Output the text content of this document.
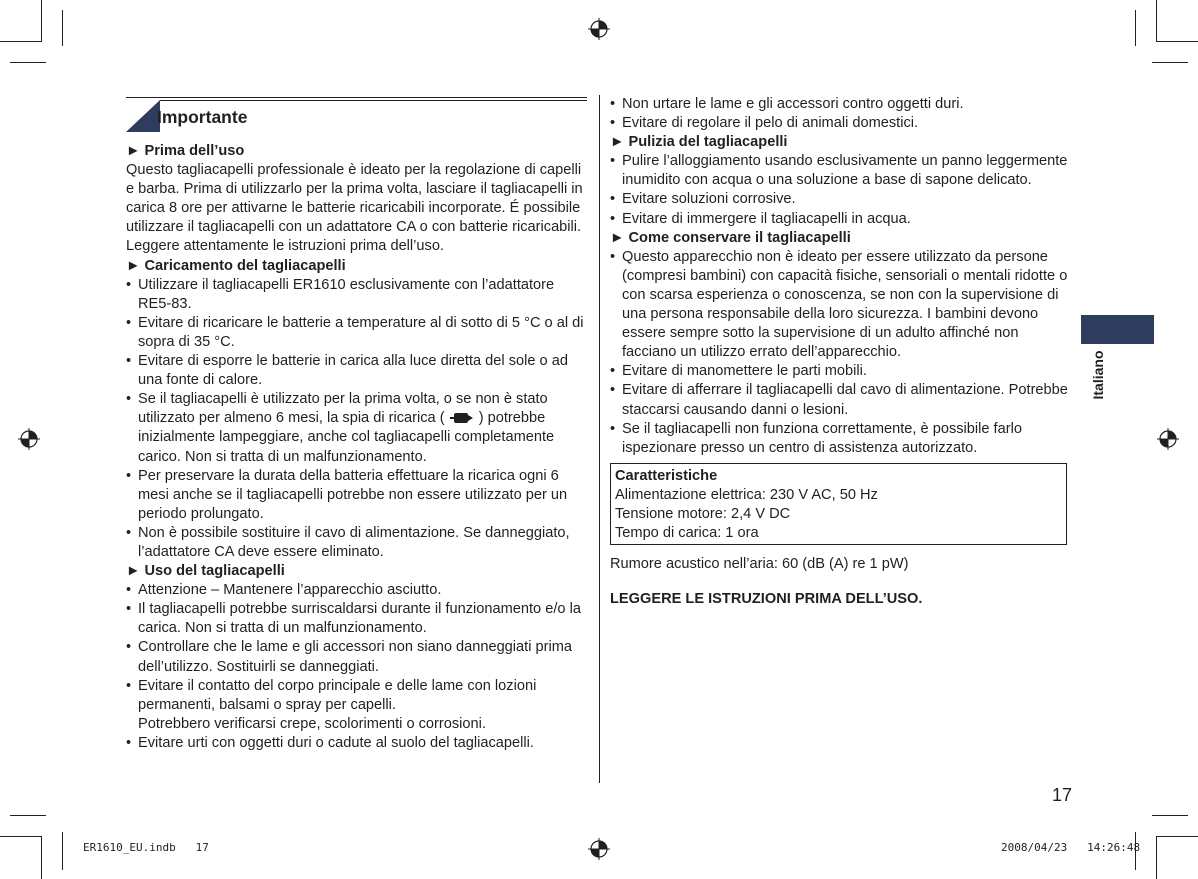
Importante

► Prima dell’uso

Questo tagliacapelli professionale è ideato per la regolazione di capelli e barba. Prima di utilizzarlo per la prima volta, lasciare il tagliacapelli in carica 8 ore per attivarne le batterie ricaricabili incorporate. É possibile utilizzare il tagliacapelli con un adattatore CA o con batterie ricaricabili. Leggere attentamente le istruzioni prima dell’uso.

► Caricamento del tagliacapelli

• Utilizzare il tagliacapelli ER1610 esclusivamente con l’adattatore RE5-83.
• Evitare di ricaricare le batterie a temperature al di sotto di 5 °C o al di sopra di 35 °C.
• Evitare di esporre le batterie in carica alla luce diretta del sole o ad una fonte di calore.
• Se il tagliacapelli è utilizzato per la prima volta, o se non è stato utilizzato per almeno 6 mesi, la spia di ricarica ( ) potrebbe inizialmente lampeggiare, anche col tagliacapelli completamente carico. Non si tratta di un malfunzionamento.
• Per preservare la durata della batteria effettuare la ricarica ogni 6 mesi anche se il tagliacapelli potrebbe non essere utilizzato per un periodo prolungato.
• Non è possibile sostituire il cavo di alimentazione. Se danneggiato, l’adattatore CA deve essere eliminato.

► Uso del tagliacapelli

• Attenzione – Mantenere l’apparecchio asciutto.
• Il tagliacapelli potrebbe surriscaldarsi durante il funzionamento e/o la carica. Non si tratta di un malfunzionamento.
• Controllare che le lame e gli accessori non siano danneggiati prima dell’utilizzo. Sostituirli se danneggiati.
• Evitare il contatto del corpo principale e delle lame con lozioni permanenti, balsami o spray per capelli.
Potrebbero verificarsi crepe, scolorimenti o corrosioni.
• Evitare urti con oggetti duri o cadute al suolo del tagliacapelli.
• Non urtare le lame e gli accessori contro oggetti duri.
• Evitare di regolare il pelo di animali domestici.

► Pulizia del tagliacapelli

• Pulire l’alloggiamento usando esclusivamente un panno leggermente inumidito con acqua o una soluzione a base di sapone delicato.
• Evitare soluzioni corrosive.
• Evitare di immergere il tagliacapelli in acqua.

► Come conservare il tagliacapelli

• Questo apparecchio non è ideato per essere utilizzato da persone (compresi bambini) con capacità fisiche, sensoriali o mentali ridotte o con scarsa esperienza o conoscenza, se non con la supervisione di una persona responsabile della loro sicurezza. I bambini devono essere sempre sotto la supervisione di un adulto affinché non facciano un utilizzo errato dell’apparecchio.
• Evitare di manomettere le parti mobili.
• Evitare di afferrare il tagliacapelli dal cavo di alimentazione. Potrebbe staccarsi causando danni o lesioni.
• Se il tagliacapelli non funziona correttamente, è possibile farlo ispezionare presso un centro di assistenza autorizzato.
Caratteristiche
Alimentazione elettrica: 230 V AC, 50 Hz
Tensione motore: 2,4 V DC
Tempo di carica: 1 ora

Rumore acustico nell’aria: 60 (dB (A) re 1 pW)

LEGGERE LE ISTRUZIONI PRIMA DELL’USO.

Italiano
17
ER1610_EU.indb   17	2008/04/23   14:26:48
